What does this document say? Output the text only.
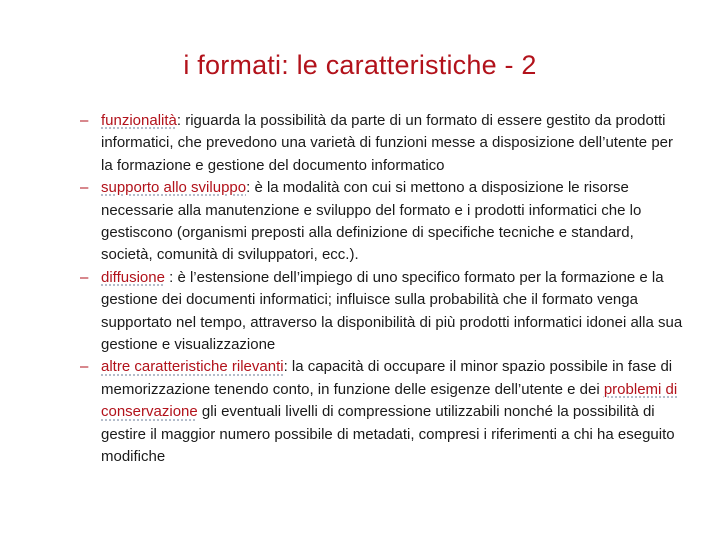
i formati: le caratteristiche - 2
– funzionalità: riguarda la possibilità da parte di un formato di essere gestito da prodotti informatici, che prevedono una varietà di funzioni messe a disposizione dell’utente per la formazione e gestione del documento informatico
– supporto allo sviluppo: è la modalità con cui si mettono a disposizione le risorse necessarie alla manutenzione e sviluppo del formato e i prodotti informatici che lo gestiscono (organismi preposti alla definizione di specifiche tecniche e standard, società, comunità di sviluppatori, ecc.).
– diffusione : è l’estensione dell’impiego di uno specifico formato per la formazione e la gestione dei documenti informatici; influisce sulla probabilità che il formato venga supportato nel tempo, attraverso la disponibilità di più prodotti informatici idonei alla sua gestione e visualizzazione
– altre caratteristiche rilevanti: la capacità di occupare il minor spazio possibile in fase di memorizzazione tenendo conto, in funzione delle esigenze dell’utente e dei problemi di conservazione gli eventuali livelli di compressione utilizzabili nonché la possibilità di gestire il maggior numero possibile di metadati, compresi i riferimenti a chi ha eseguito modifiche
